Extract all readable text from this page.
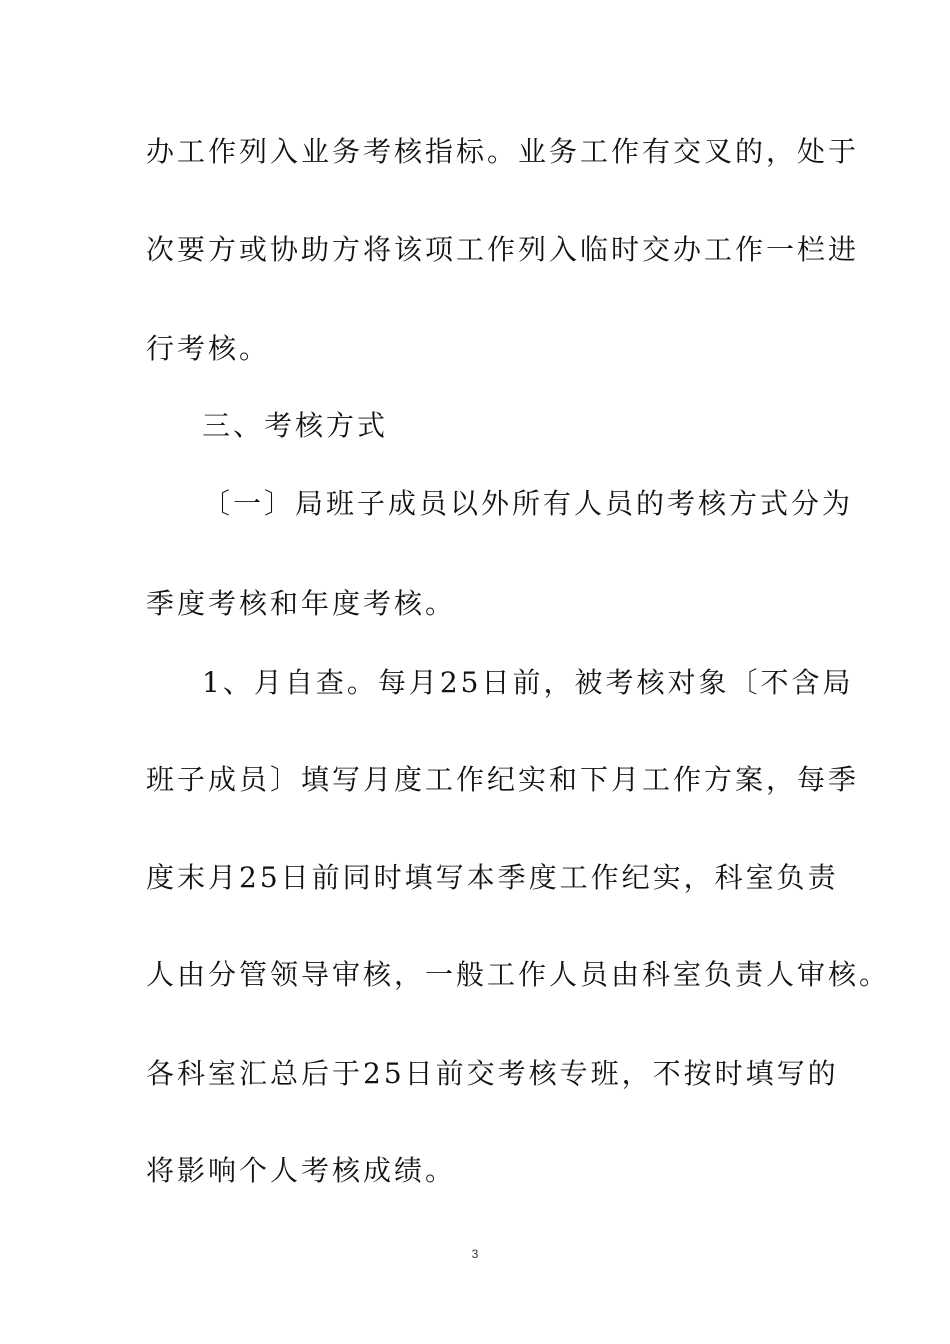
办工作列入业务考核指标。业务工作有交叉的，处于
次要方或协助方将该项工作列入临时交办工作一栏进
行考核。
三、考核方式
〔一〕局班子成员以外所有人员的考核方式分为
季度考核和年度考核。
1、月自查。每月25日前，被考核对象〔不含局
班子成员〕填写月度工作纪实和下月工作方案，每季
度末月25日前同时填写本季度工作纪实，科室负责
人由分管领导审核，一般工作人员由科室负责人审核。
各科室汇总后于25日前交考核专班，不按时填写的
将影响个人考核成绩。
3
